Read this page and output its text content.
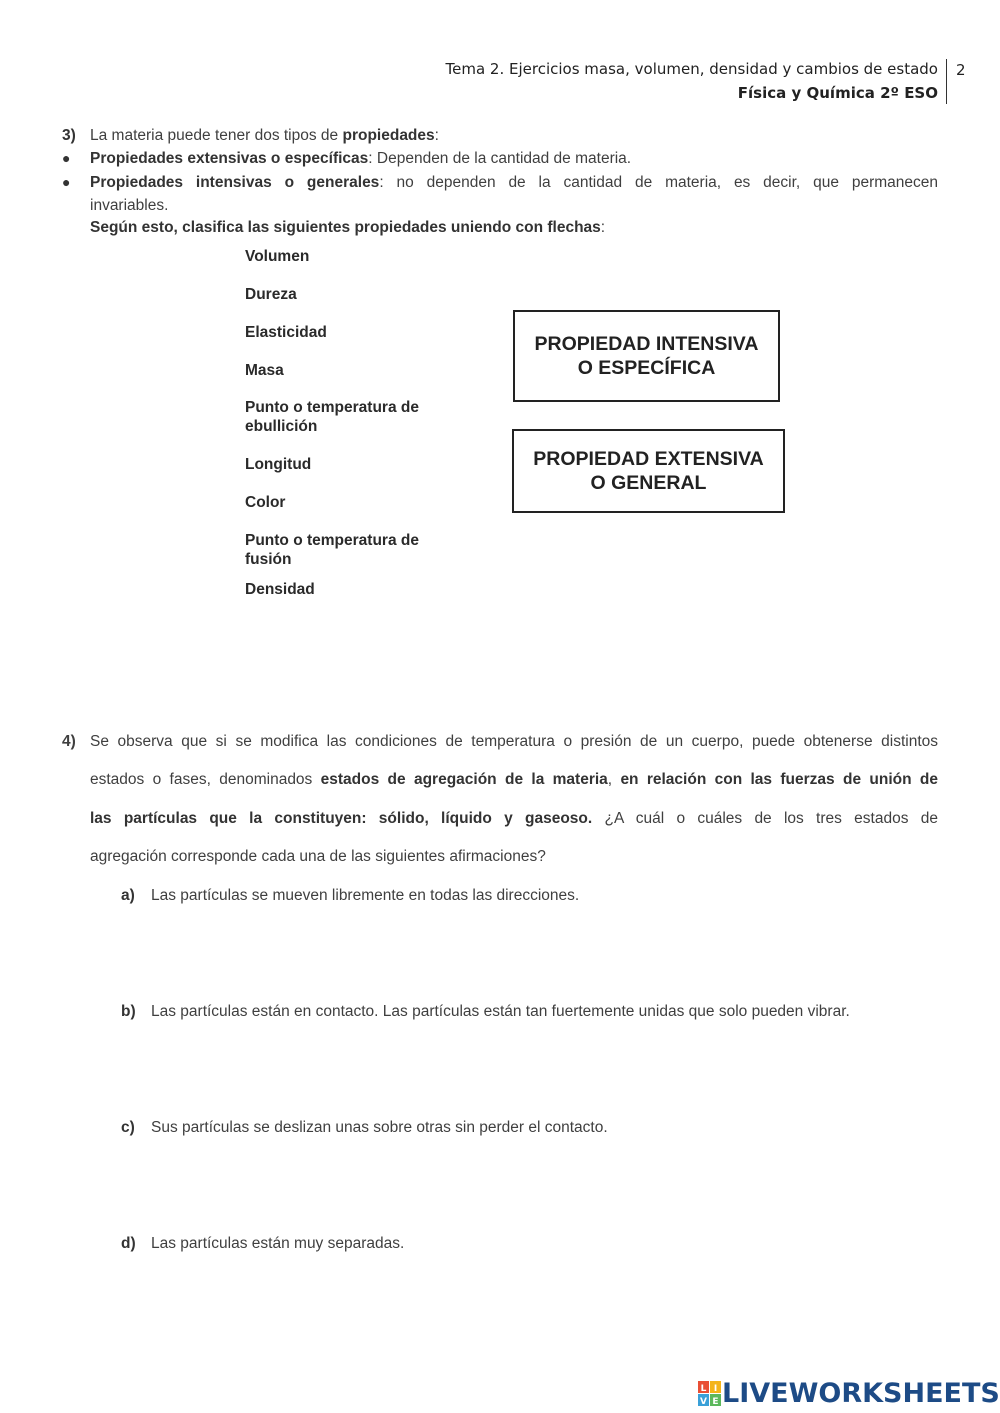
Tema 2. Ejercicios masa, volumen, densidad y cambios de estado
Física y Química 2º ESO
2
3) La materia puede tener dos tipos de propiedades:
● Propiedades extensivas o específicas: Dependen de la cantidad de materia.
● Propiedades intensivas o generales: no dependen de la cantidad de materia, es decir, que permanecen
invariables.
Según esto, clasifica las siguientes propiedades uniendo con flechas:
Volumen
Dureza
Elasticidad
Masa
Punto o temperatura de ebullición
Longitud
Color
Punto o temperatura de fusión
Densidad
PROPIEDAD INTENSIVA
O ESPECÍFICA
PROPIEDAD EXTENSIVA
O GENERAL
4) Se observa que si se modifica las condiciones de temperatura o presión de un cuerpo, puede obtenerse distintos
estados o fases, denominados estados de agregación de la materia, en relación con las fuerzas de unión de
las partículas que la constituyen: sólido, líquido y gaseoso. ¿A cuál o cuáles de los tres estados de
agregación corresponde cada una de las siguientes afirmaciones?
a) Las partículas se mueven libremente en todas las direcciones.
b) Las partículas están en contacto. Las partículas están tan fuertemente unidas que solo pueden vibrar.
c) Sus partículas se deslizan unas sobre otras sin perder el contacto.
d) Las partículas están muy separadas.
L I
V E LIVEWORKSHEETS
